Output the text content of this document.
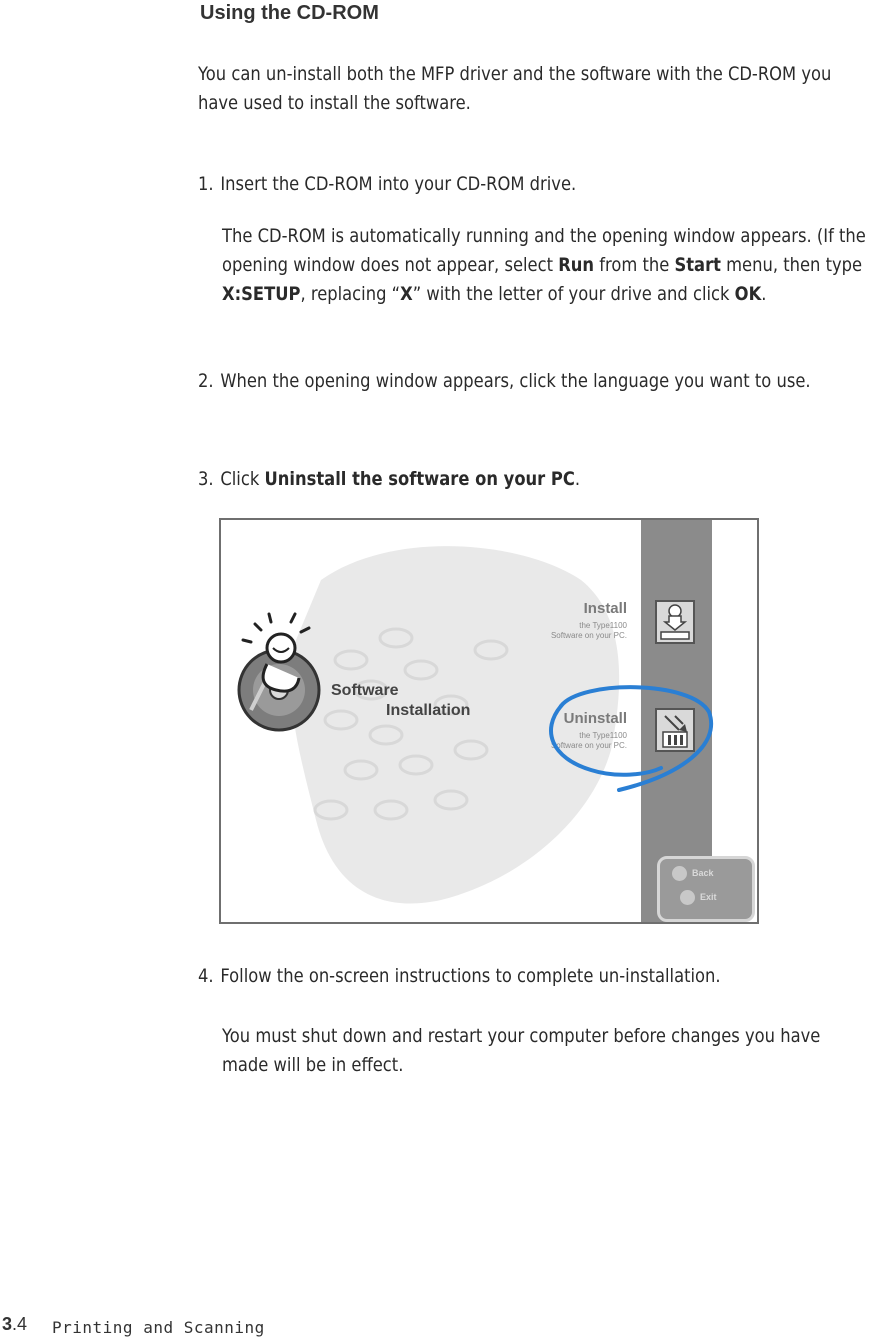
Using the CD-ROM
You can un-install both the MFP driver and the software with the CD-ROM you have used to install the software.
1. Insert the CD-ROM into your CD-ROM drive.
The CD-ROM is automatically running and the opening window appears. (If the opening window does not appear, select Run from the Start menu, then type X:SETUP, replacing “X” with the letter of your drive and click OK.
2. When the opening window appears, click the language you want to use.
3. Click Uninstall the software on your PC.
Software
Installation
Install
the Type1100
Software on your PC.
Uninstall
the Type1100
Software on your PC.
Back
Exit
4. Follow the on-screen instructions to complete un-installation.
You must shut down and restart your computer before changes you have made will be in effect.
3.4 Printing and Scanning
